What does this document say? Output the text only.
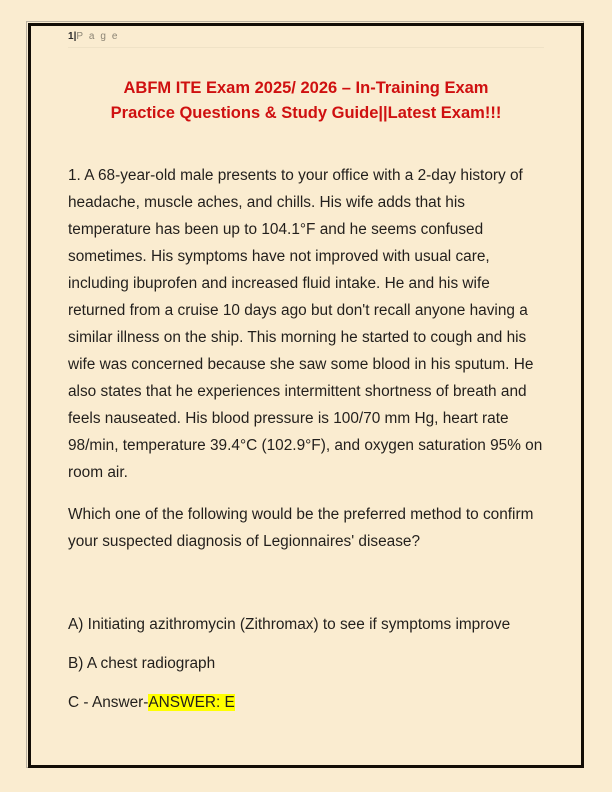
1|P a g e
ABFM ITE Exam 2025/ 2026 – In-Training Exam
Practice Questions & Study Guide||Latest Exam!!!

1. A 68-year-old male presents to your office with a 2-day history of headache, muscle aches, and chills. His wife adds that his temperature has been up to 104.1°F and he seems confused sometimes. His symptoms have not improved with usual care, including ibuprofen and increased fluid intake. He and his wife returned from a cruise 10 days ago but don't recall anyone having a similar illness on the ship. This morning he started to cough and his wife was concerned because she saw some blood in his sputum. He also states that he experiences intermittent shortness of breath and feels nauseated. His blood pressure is 100/70 mm Hg, heart rate 98/min, temperature 39.4°C (102.9°F), and oxygen saturation 95% on room air.

Which one of the following would be the preferred method to confirm your suspected diagnosis of Legionnaires' disease?

A) Initiating azithromycin (Zithromax) to see if symptoms improve
B) A chest radiograph
C - Answer-ANSWER: E
